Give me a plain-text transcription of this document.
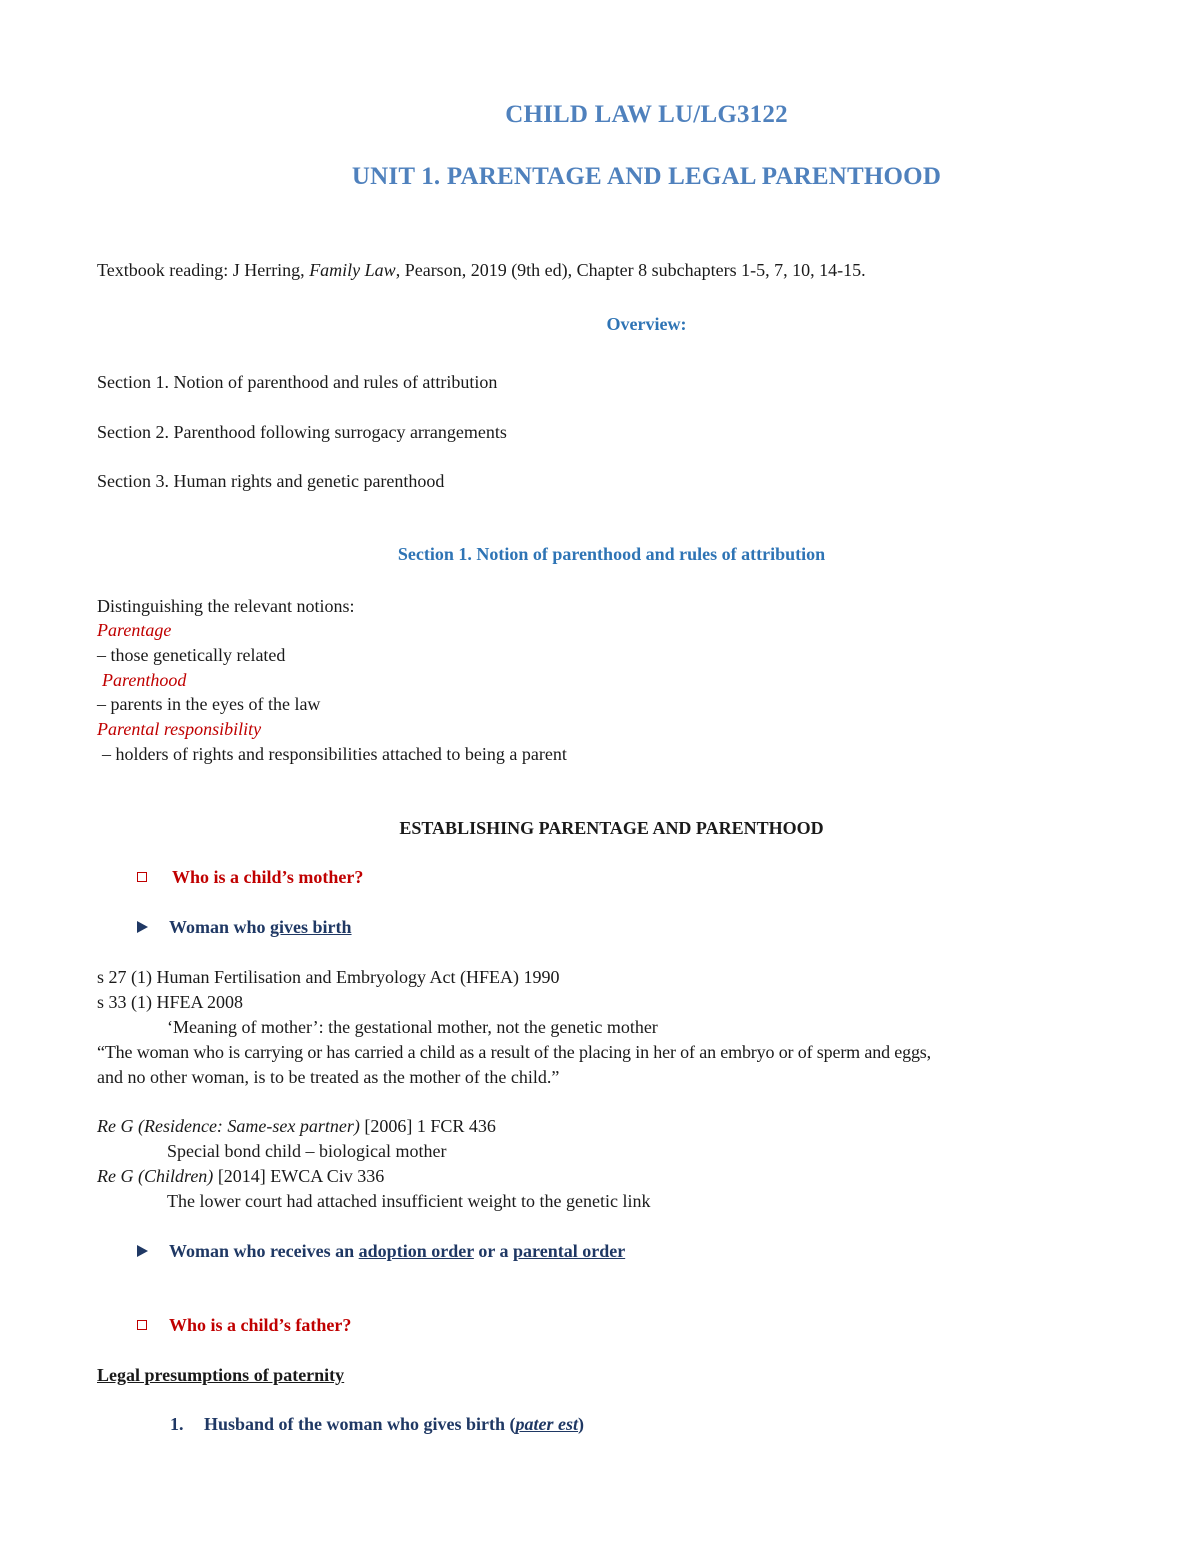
CHILD LAW LU/LG3122
UNIT 1. PARENTAGE AND LEGAL PARENTHOOD
Textbook reading: J Herring, Family Law, Pearson, 2019 (9th ed), Chapter 8 subchapters 1-5, 7, 10, 14-15.
Overview:
Section 1. Notion of parenthood and rules of attribution
Section 2. Parenthood following surrogacy arrangements
Section 3. Human rights and genetic parenthood
Section 1. Notion of parenthood and rules of attribution
Distinguishing the relevant notions:
Parentage
– those genetically related
Parenthood
– parents in the eyes of the law
Parental responsibility
– holders of rights and responsibilities attached to being a parent
ESTABLISHING PARENTAGE AND PARENTHOOD
Who is a child’s mother?
Woman who gives birth
s 27 (1) Human Fertilisation and Embryology Act (HFEA) 1990
s 33 (1) HFEA 2008
‘Meaning of mother’: the gestational mother, not the genetic mother
“The woman who is carrying or has carried a child as a result of the placing in her of an embryo or of sperm and eggs,
and no other woman, is to be treated as the mother of the child.”
Re G (Residence: Same-sex partner) [2006] 1 FCR 436
Special bond child – biological mother
Re G (Children) [2014] EWCA Civ 336
The lower court had attached insufficient weight to the genetic link
Woman who receives an adoption order or a parental order
Who is a child’s father?
Legal presumptions of paternity
1. Husband of the woman who gives birth (pater est)
